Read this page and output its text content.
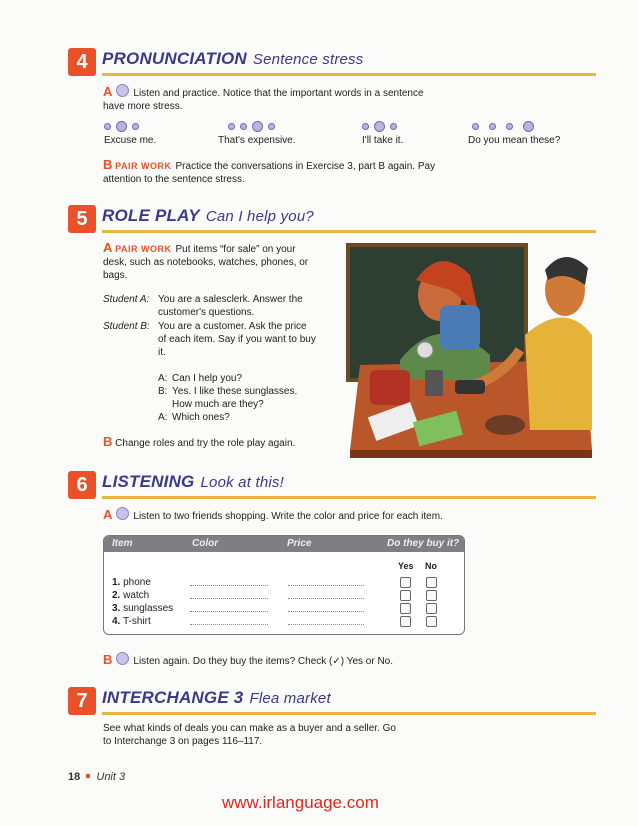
4 PRONUNCIATION Sentence stress
A Listen and practice. Notice that the important words in a sentence have more stress.
Excuse me.	That's expensive.	I'll take it.	Do you mean these?
B PAIR WORK Practice the conversations in Exercise 3, part B again. Pay attention to the sentence stress.
5 ROLE PLAY Can I help you?
A PAIR WORK Put items “for sale” on your desk, such as notebooks, watches, phones, or bags.
Student A: You are a salesclerk. Answer the customer's questions.
Student B: You are a customer. Ask the price of each item. Say if you want to buy it.
A: Can I help you?
B: Yes. I like these sunglasses. How much are they?
A: Which ones?
B Change roles and try the role play again.
6 LISTENING Look at this!
A Listen to two friends shopping. Write the color and price for each item.
Item	Color	Price	Do they buy it?
Yes No
1. phone
2. watch
3. sunglasses
4. T-shirt
B Listen again. Do they buy the items? Check (✓) Yes or No.
7 INTERCHANGE 3 Flea market
See what kinds of deals you can make as a buyer and a seller. Go to Interchange 3 on pages 116–117.
18 Unit 3
www.irlanguage.com
